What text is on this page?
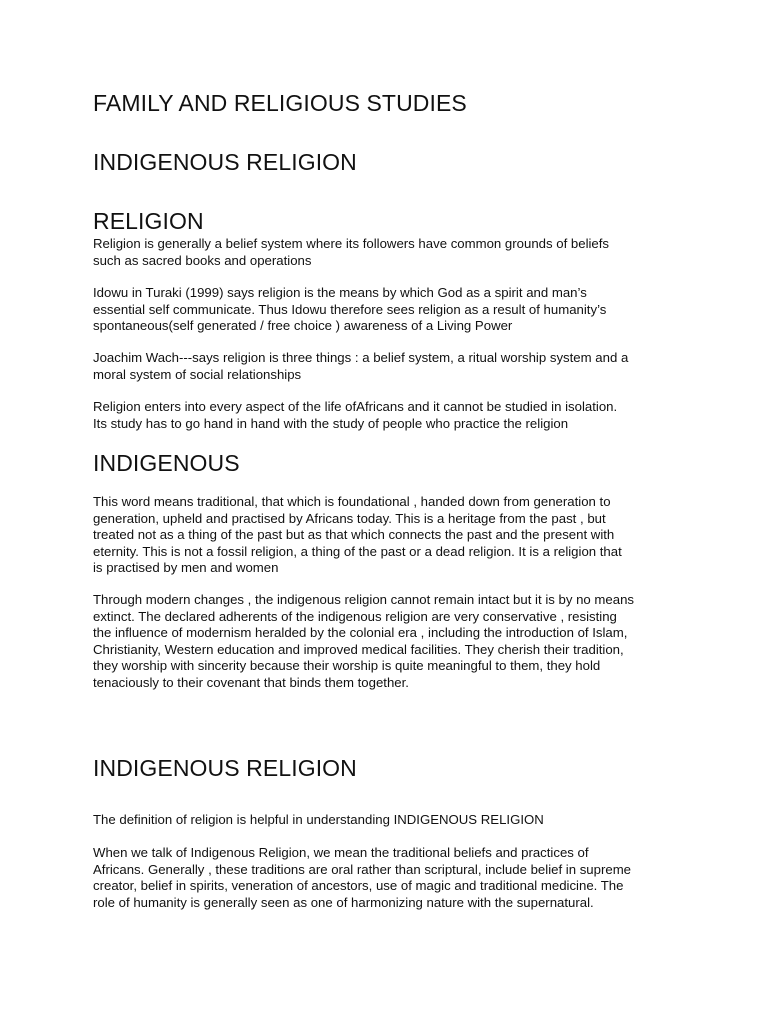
FAMILY AND RELIGIOUS STUDIES
INDIGENOUS RELIGION
RELIGION
Religion is generally a belief system where its followers have common grounds of beliefs
such as sacred books and operations
Idowu in Turaki (1999) says religion is the means by which God as a spirit and man’s
essential self communicate. Thus Idowu therefore sees religion as a result of humanity’s
spontaneous(self generated / free choice ) awareness of a Living Power
Joachim Wach---says religion is three things : a belief system, a ritual worship system and a
moral system of social relationships
Religion enters into every aspect of the life ofAfricans and it cannot be studied in isolation.
Its study has to go hand in hand with the study of people who practice the religion
INDIGENOUS
This word means traditional, that which is foundational , handed down from generation to
generation, upheld and practised by Africans today. This is a heritage from the past , but
treated not as a thing of the past but as that which connects the past and the present with
eternity. This is not a fossil religion, a thing of the past or a dead religion. It is a religion that
is practised by men and women
Through modern changes , the indigenous religion cannot remain intact but it is by no means
extinct. The declared adherents of the indigenous religion are very conservative , resisting
the influence of modernism heralded by the colonial era , including the introduction of Islam,
Christianity, Western education and improved medical facilities. They cherish their tradition,
they worship with sincerity because their worship is quite meaningful to them, they hold
tenaciously to their covenant that binds them together.
INDIGENOUS RELIGION
The definition of religion is helpful in understanding INDIGENOUS RELIGION
When we talk of Indigenous Religion, we mean the traditional beliefs and practices of
Africans. Generally , these traditions are oral rather than scriptural, include belief in supreme
creator, belief in spirits, veneration of ancestors, use of magic and traditional medicine. The
role of humanity is generally seen as one of harmonizing nature with the supernatural.
